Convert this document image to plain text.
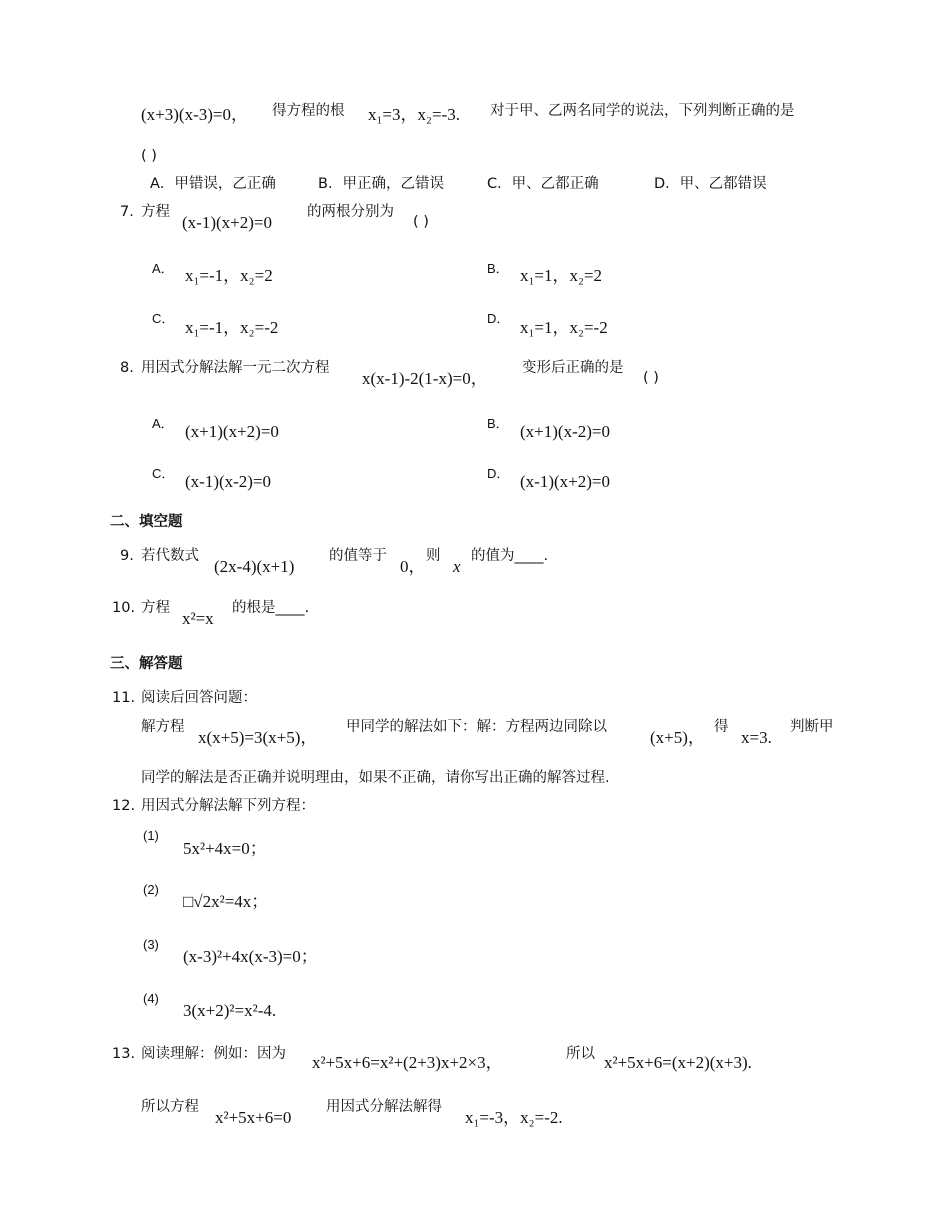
(x+3)(x-3)=0， 得方程的根 x₁=3，x₂=-3. 对于甲、乙两名同学的说法，下列判断正确的是
( )
A．甲错误，乙正确	B．甲正确，乙错误	C．甲、乙都正确	D．甲、乙都错误
7. 方程
(x-1)(x+2)=0
的两根分别为
( )
A． x₁=-1，x₂=2	B． x₁=1，x₂=2
C． x₁=-1，x₂=-2	D． x₁=1，x₂=-2
8. 用因式分解法解一元二次方程
x(x-1)-2(1-x)=0，
变形后正确的是
( )
A． (x+1)(x+2)=0	B． (x+1)(x-2)=0
C． (x-1)(x-2)=0	D． (x-1)(x+2)=0
二、填空题
9. 若代数式
(2x-4)(x+1)
的值等于
0，
则
x
的值为____.
10. 方程
x²=x
的根是____.
三、解答题
11. 阅读后回答问题：
解方程
x(x+5)=3(x+5)，
甲同学的解法如下：解：方程两边同除以
(x+5)，
得
x=3.
判断甲
同学的解法是否正确并说明理由，如果不正确，请你写出正确的解答过程.
12. 用因式分解法解下列方程：
(1)
5x²+4x=0；
(2)
□√2x²=4x；
(3)
(x-3)²+4x(x-3)=0；
(4)
3(x+2)²=x²-4.
13. 阅读理解：例如：因为 x²+5x+6=x²+(2+3)x+2×3，	所以 x²+5x+6=(x+2)(x+3).
所以方程
x²+5x+6=0
用因式分解法解得
x₁=-3，x₂=-2.
